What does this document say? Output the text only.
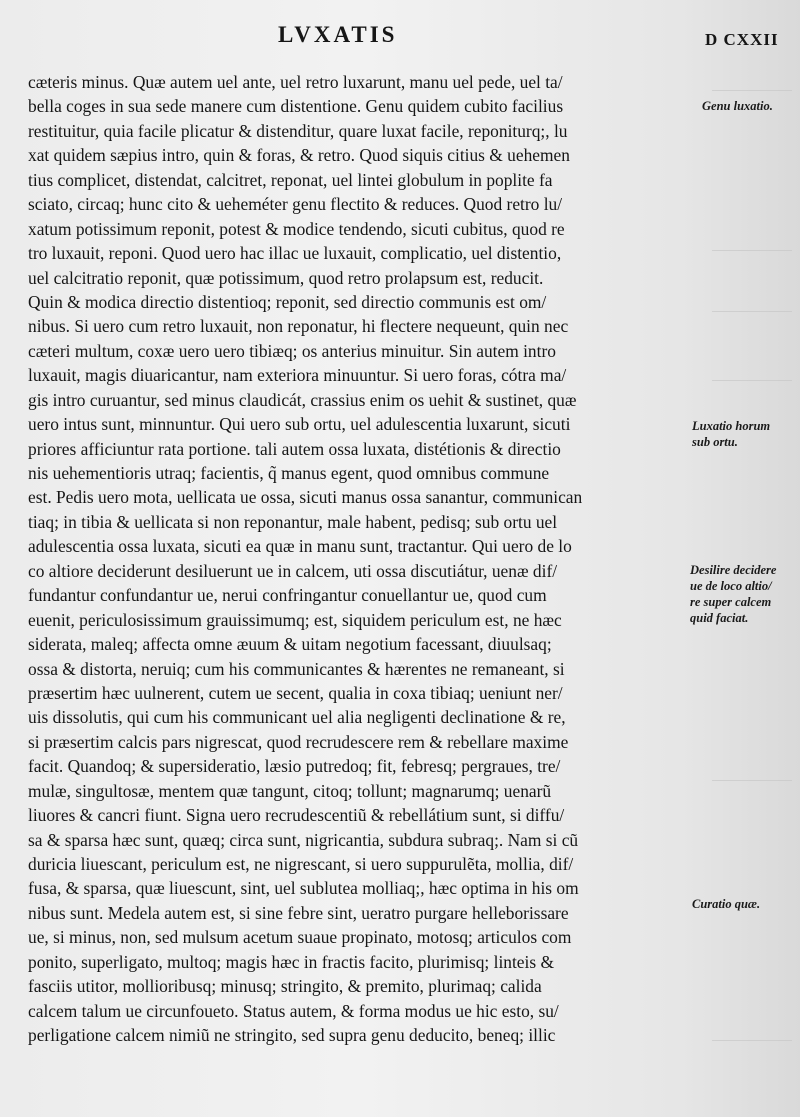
LVXATIS	D CXXII
cæteris minus. Quæ autem uel ante, uel retro luxarunt, manu uel pede, uel ta/
bella coges in sua sede manere cum distentione. Genu quidem cubito facilius
restituitur, quia facile plicatur & distenditur, quare luxat facile, reponiturq;, lu
xat quidem sæpius intro, quin & foras, & retro. Quod siquis citius & uehemen
tius complicet, distendat, calcitret, reponat, uel lintei globulum in poplite fa
sciato, circaq; hunc cito & ueheméter genu flectito & reduces. Quod retro lu/
xatum potissimum reponit, potest & modice tendendo, sicuti cubitus, quod re
tro luxauit, reponi. Quod uero hac illac ue luxauit, complicatio, uel distentio,
uel calcitratio reponit, quæ potissimum, quod retro prolapsum est, reducit.
Quin & modica directio distentioq; reponit, sed directio communis est om/
nibus. Si uero cum retro luxauit, non reponatur, hi flectere nequeunt, quin nec
cæteri multum, coxæ uero uero tibiæq; os anterius minuitur. Sin autem intro
luxauit, magis diuaricantur, nam exteriora minuuntur. Si uero foras, cótra ma/
gis intro curuantur, sed minus claudicát, crassius enim os uehit & sustinet, quæ
uero intus sunt, minnuntur. Qui uero sub ortu, uel adulescentia luxarunt, sicuti
priores afficiuntur rata portione. tali autem ossa luxata, distétionis & directio
nis uehementioris utraq; facientis, q̃ manus egent, quod omnibus commune
est. Pedis uero mota, uellicata ue ossa, sicuti manus ossa sanantur, communican
tiaq; in tibia & uellicata si non reponantur, male habent, pedisq; sub ortu uel
adulescentia ossa luxata, sicuti ea quæ in manu sunt, tractantur. Qui uero de lo
co altiore deciderunt desiluerunt ue in calcem, uti ossa discutiátur, uenæ dif/
fundantur confundantur ue, nerui confringantur conuellantur ue, quod cum
euenit, periculosissimum grauissimumq; est, siquidem periculum est, ne hæc
siderata, maleq; affecta omne æuum & uitam negotium facessant, diuulsaq;
ossa & distorta, neruiq; cum his communicantes & hærentes ne remaneant, si
præsertim hæc uulnerent, cutem ue secent, qualia in coxa tibiaq; ueniunt ner/
uis dissolutis, qui cum his communicant uel alia negligenti declinatione & re,
si præsertim calcis pars nigrescat, quod recrudescere rem & rebellare maxime
facit. Quandoq; & supersideratio, læsio putredoq; fit, febresq; pergraues, tre/
mulæ, singultosæ, mentem quæ tangunt, citoq; tollunt; magnarumq; uenarũ
liuores & cancri fiunt. Signa uero recrudescentiũ & rebellátium sunt, si diffu/
sa & sparsa hæc sunt, quæq; circa sunt, nigricantia, subdura subraq;. Nam si cũ
duricia liuescant, periculum est, ne nigrescant, si uero suppurulẽta, mollia, dif/
fusa, & sparsa, quæ liuescunt, sint, uel sublutea molliaq;, hæc optima in his om
nibus sunt. Medela autem est, si sine febre sint, ueratro purgare helleborissare
ue, si minus, non, sed mulsum acetum suaue propinato, motosq; articulos com
ponito, superligato, multoq; magis hæc in fractis facito, plurimisq; linteis &
fasciis utitor, mollioribusq; minusq; stringito, & premito, plurimaq; calida
calcem talum ue circunfoueto. Status autem, & forma modus ue hic esto, su/
perligatione calcem nimiũ ne stringito, sed supra genu deducito, beneq; illic
Genu luxatio.
Luxatio horum
sub ortu.
Desilire decidere
ue de loco altio/
re super calcem
quid faciat.
Curatio quæ.
